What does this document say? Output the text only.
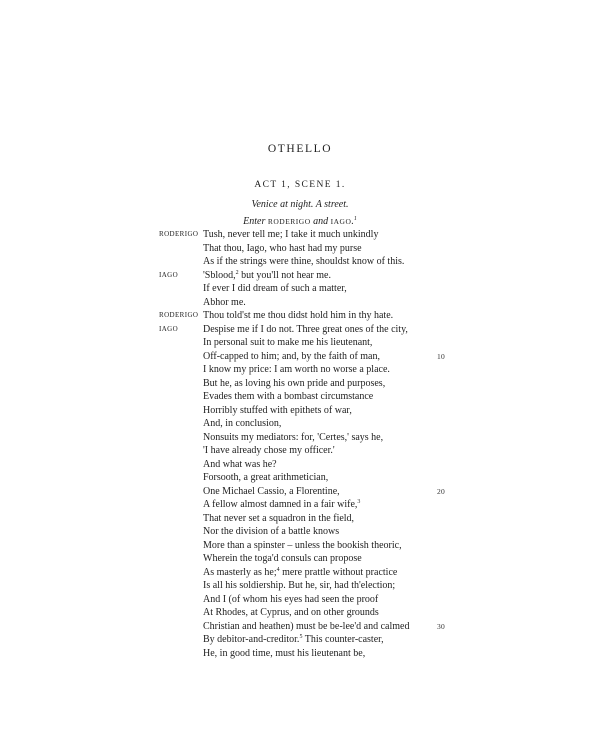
OTHELLO
ACT 1, SCENE 1.
Venice at night. A street.
Enter RODERIGO and IAGO.$^1$
RODERIGO Tush, never tell me; I take it much unkindly
That thou, Iago, who hast had my purse
As if the strings were thine, shouldst know of this.
IAGO 'Sblood,$^2$ but you'll not hear me.
If ever I did dream of such a matter,
Abhor me.
RODERIGO Thou told'st me thou didst hold him in thy hate.
IAGO Despise me if I do not. Three great ones of the city,
In personal suit to make me his lieutenant,
Off-capped to him; and, by the faith of man,	10
I know my price: I am worth no worse a place.
But he, as loving his own pride and purposes,
Evades them with a bombast circumstance
Horribly stuffed with epithets of war,
And, in conclusion,
Nonsuits my mediators: for, 'Certes,' says he,
'I have already chose my officer.'
And what was he?
Forsooth, a great arithmetician,
One Michael Cassio, a Florentine,	20
A fellow almost damned in a fair wife,$^3$
That never set a squadron in the field,
Nor the division of a battle knows
More than a spinster – unless the bookish theoric,
Wherein the toga'd consuls can propose
As masterly as he;$^4$ mere prattle without practice
Is all his soldiership. But he, sir, had th'election;
And I (of whom his eyes had seen the proof
At Rhodes, at Cyprus, and on other grounds
Christian and heathen) must be be-lee'd and calmed	30
By debitor-and-creditor.$^5$ This counter-caster,
He, in good time, must his lieutenant be,
